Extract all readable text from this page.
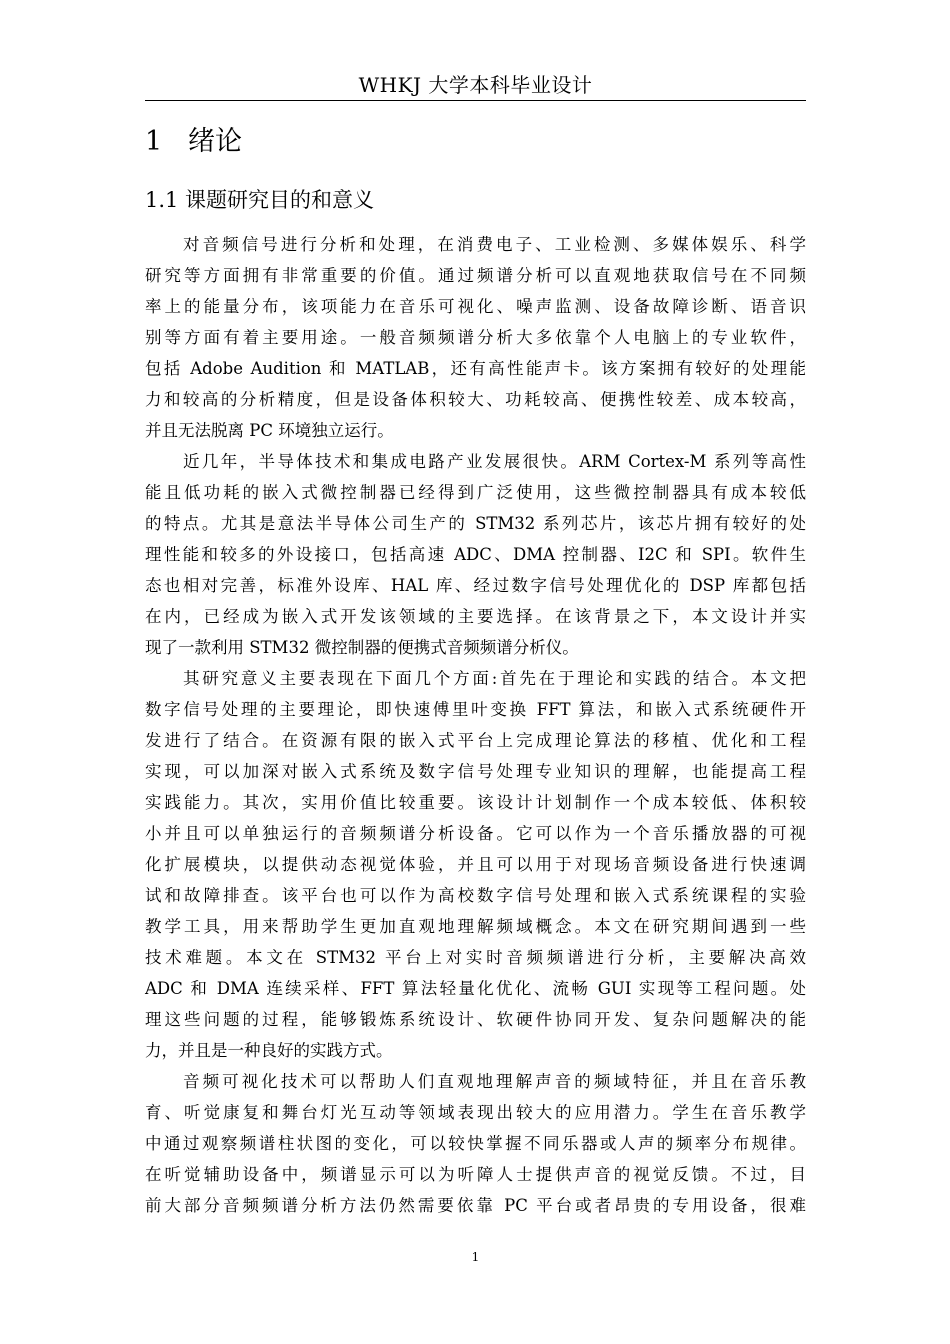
WHKJ 大学本科毕业设计
1 绪论
1.1 课题研究目的和意义
对音频信号进行分析和处理，在消费电子、工业检测、多媒体娱乐、科学
研究等方面拥有非常重要的价值。通过频谱分析可以直观地获取信号在不同频
率上的能量分布，该项能力在音乐可视化、噪声监测、设备故障诊断、语音识
别等方面有着主要用途。一般音频频谱分析大多依靠个人电脑上的专业软件，
包括 Adobe Audition 和 MATLAB，还有高性能声卡。该方案拥有较好的处理能
力和较高的分析精度，但是设备体积较大、功耗较高、便携性较差、成本较高，
并且无法脱离 PC 环境独立运行。
近几年，半导体技术和集成电路产业发展很快。ARM Cortex-M 系列等高性
能且低功耗的嵌入式微控制器已经得到广泛使用，这些微控制器具有成本较低
的特点。尤其是意法半导体公司生产的 STM32 系列芯片，该芯片拥有较好的处
理性能和较多的外设接口，包括高速 ADC、DMA 控制器、I2C 和 SPI。软件生
态也相对完善，标准外设库、HAL 库、经过数字信号处理优化的 DSP 库都包括
在内，已经成为嵌入式开发该领域的主要选择。在该背景之下，本文设计并实
现了一款利用 STM32 微控制器的便携式音频频谱分析仪。
其研究意义主要表现在下面几个方面:首先在于理论和实践的结合。本文把
数字信号处理的主要理论，即快速傅里叶变换 FFT 算法，和嵌入式系统硬件开
发进行了结合。在资源有限的嵌入式平台上完成理论算法的移植、优化和工程
实现，可以加深对嵌入式系统及数字信号处理专业知识的理解，也能提高工程
实践能力。其次，实用价值比较重要。该设计计划制作一个成本较低、体积较
小并且可以单独运行的音频频谱分析设备。它可以作为一个音乐播放器的可视
化扩展模块，以提供动态视觉体验，并且可以用于对现场音频设备进行快速调
试和故障排查。该平台也可以作为高校数字信号处理和嵌入式系统课程的实验
教学工具，用来帮助学生更加直观地理解频域概念。本文在研究期间遇到一些
技术难题。本文在 STM32 平台上对实时音频频谱进行分析，主要解决高效
ADC 和 DMA 连续采样、FFT 算法轻量化优化、流畅 GUI 实现等工程问题。处
理这些问题的过程，能够锻炼系统设计、软硬件协同开发、复杂问题解决的能
力，并且是一种良好的实践方式。
音频可视化技术可以帮助人们直观地理解声音的频域特征，并且在音乐教
育、听觉康复和舞台灯光互动等领域表现出较大的应用潜力。学生在音乐教学
中通过观察频谱柱状图的变化，可以较快掌握不同乐器或人声的频率分布规律。
在听觉辅助设备中，频谱显示可以为听障人士提供声音的视觉反馈。不过，目
前大部分音频频谱分析方法仍然需要依靠 PC 平台或者昂贵的专用设备，很难
1
